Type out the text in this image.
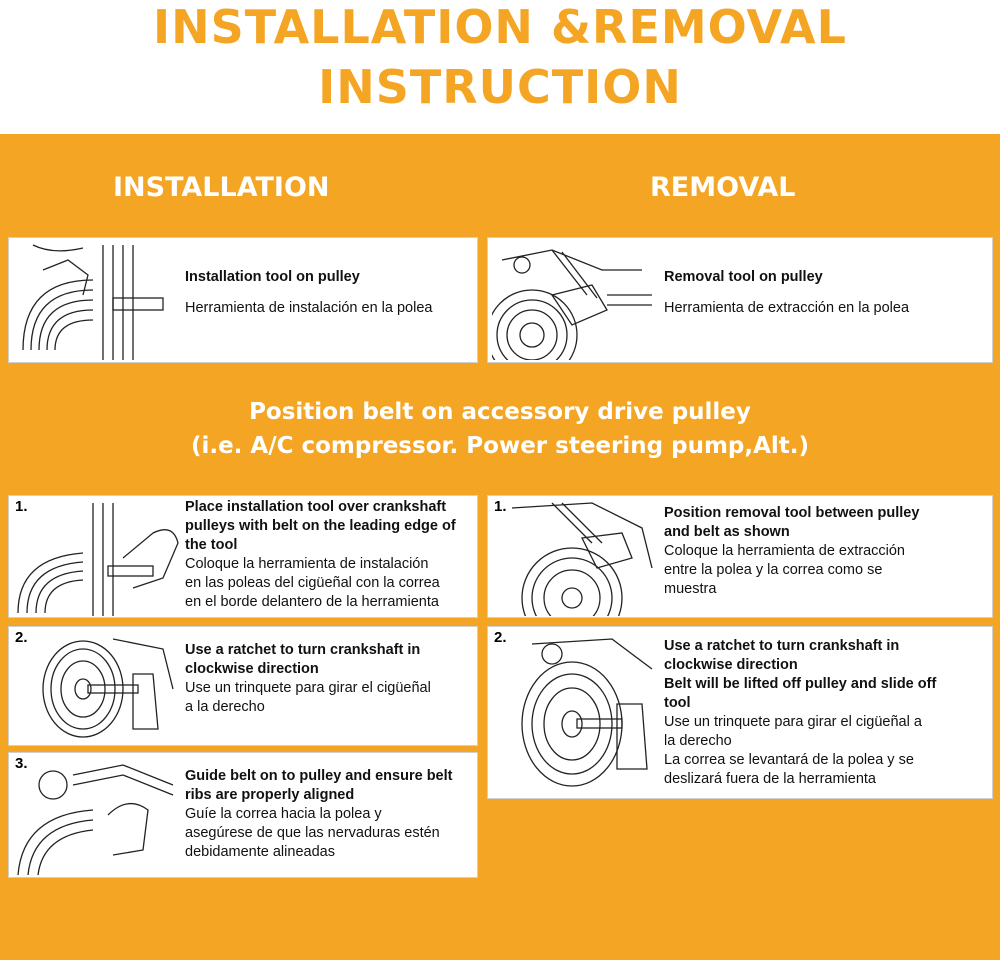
INSTALLATION &REMOVAL
INSTRUCTION
INSTALLATION	REMOVAL
Installation tool on pulley
Herramienta de instalación en la polea
Removal tool on pulley
Herramienta de extracción en la polea
Position belt on accessory drive pulley
(i.e. A/C compressor. Power steering pump,Alt.)
1.	Place installation tool over crankshaft
pulleys with belt on the leading edge of
the tool
Coloque la herramienta de instalación
en las poleas del cigüeñal con la correa
en el borde delantero de la herramienta
2.
Use a ratchet to turn crankshaft in
clockwise direction
Use un trinquete para girar el cigüeñal
a la derecho
3.
Guide belt on to pulley and ensure belt
ribs are properly aligned
Guíe la correa hacia la polea y
asegúrese de que las nervaduras estén
debidamente alineadas
1.	Position removal tool between pulley
and belt as shown
Coloque la herramienta de extracción
entre la polea y la correa como se
muestra
2.	Use a ratchet to turn crankshaft in
clockwise direction
Belt will be lifted off pulley and slide off
tool
Use un trinquete para girar el cigüeñal a
la derecho
La correa se levantará de la polea y se
deslizará fuera de la herramienta
